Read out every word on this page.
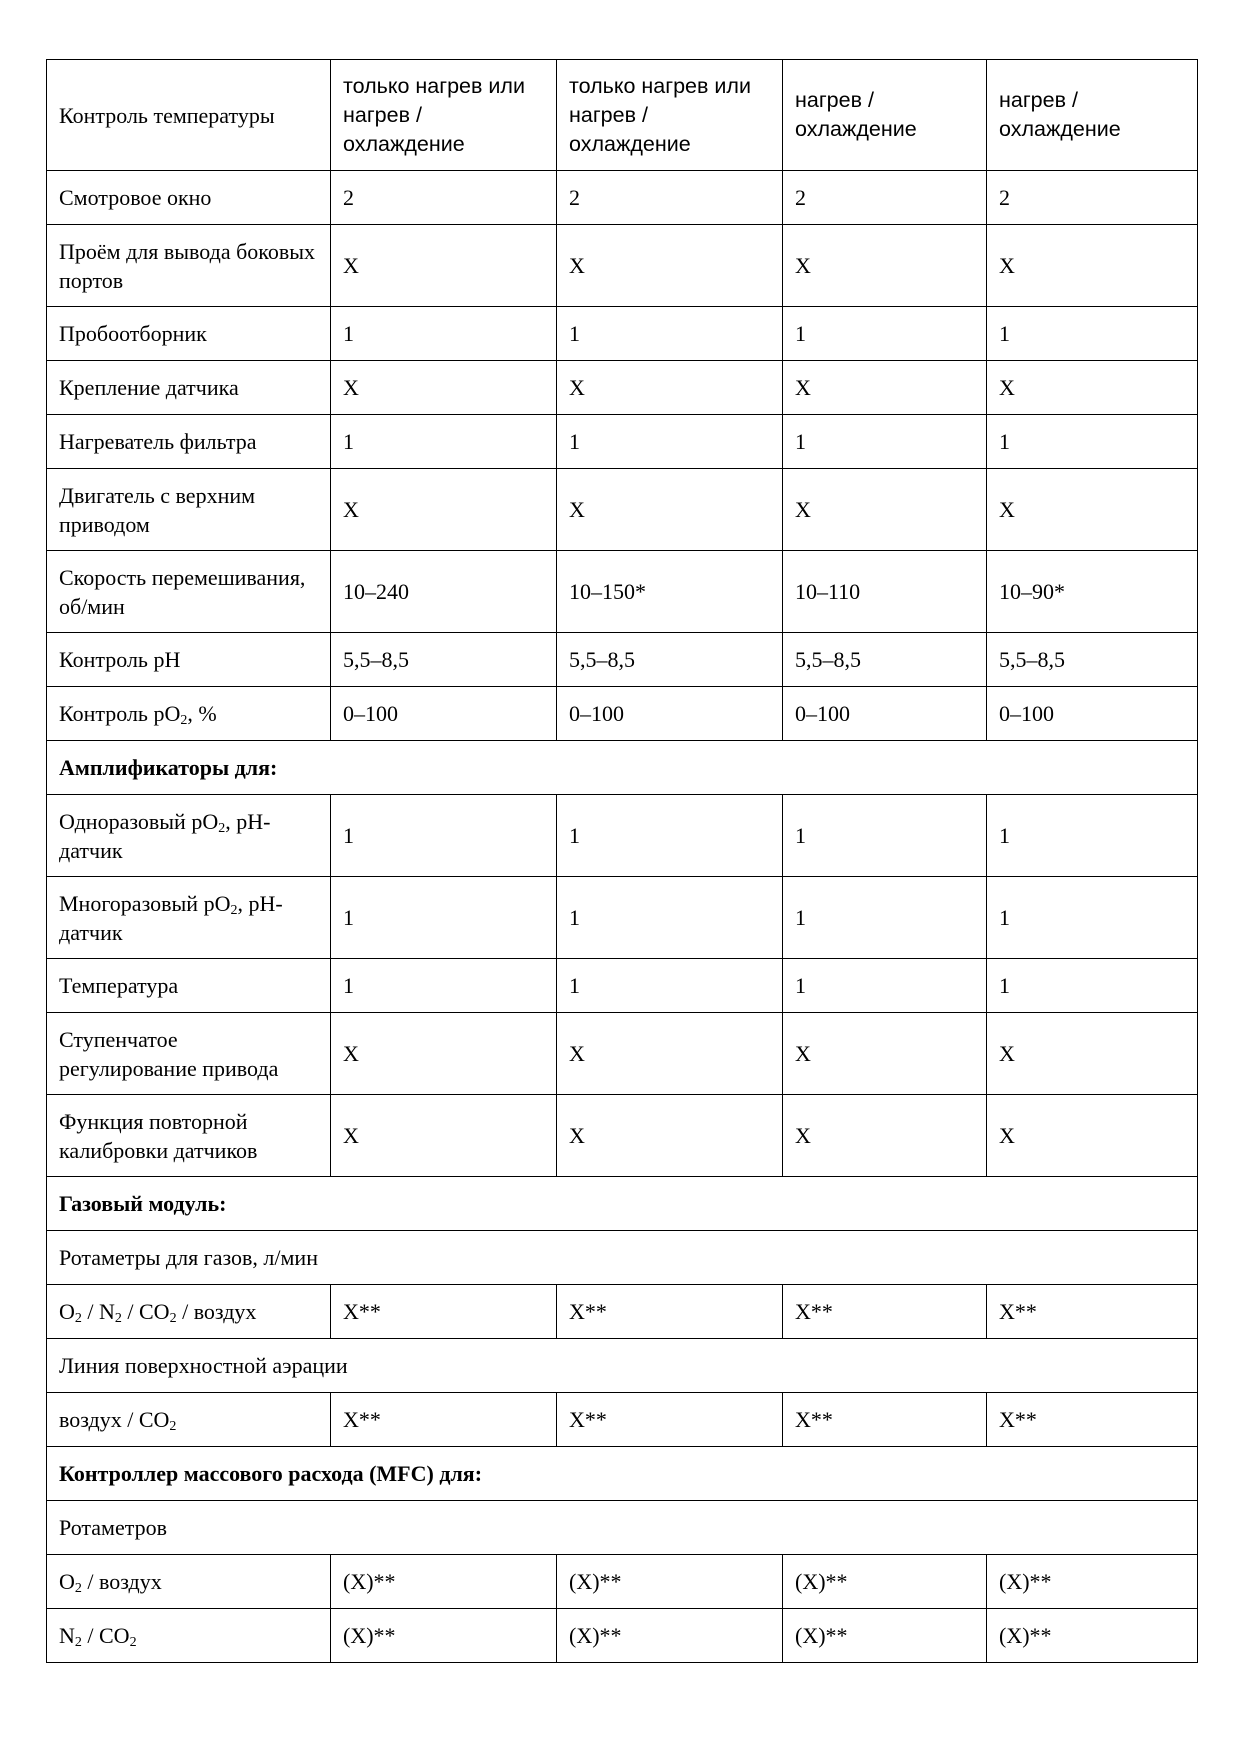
Контроль температуры	только нагрев или нагрев / охлаждение	только нагрев или нагрев / охлаждение	нагрев / охлаждение	нагрев / охлаждение
Смотровое окно	2	2	2	2
Проём для вывода боковых портов	X	X	X	X
Пробоотборник	1	1	1	1
Крепление датчика	X	X	X	X
Нагреватель фильтра	1	1	1	1
Двигатель с верхним приводом	X	X	X	X
Скорость перемешивания, об/мин	10–240	10–150*	10–110	10–90*
Контроль pH	5,5–8,5	5,5–8,5	5,5–8,5	5,5–8,5
Контроль $pO_2$, %	0–100	0–100	0–100	0–100
Амплификаторы для:				
Одноразовый $pO_2$, pH-датчик	1	1	1	1
Многоразовый $pO_2$, pH-датчик	1	1	1	1
Температура	1	1	1	1
Ступенчатое регулирование привода	X	X	X	X
Функция повторной калибровки датчиков	X	X	X	X
Газовый модуль:				
Ротаметры для газов, л/мин				
$O_2 / N_2 / CO_2$ / воздух	X**	X**	X**	X**
Линия поверхностной аэрации				
воздух / $CO_2$	X**	X**	X**	X**
Контроллер массового расхода (MFC) для:				
Ротаметров				
$O_2$ / воздух	(X)**	(X)**	(X)**	(X)**
$N_2 / CO_2$	(X)**	(X)**	(X)**	(X)**
